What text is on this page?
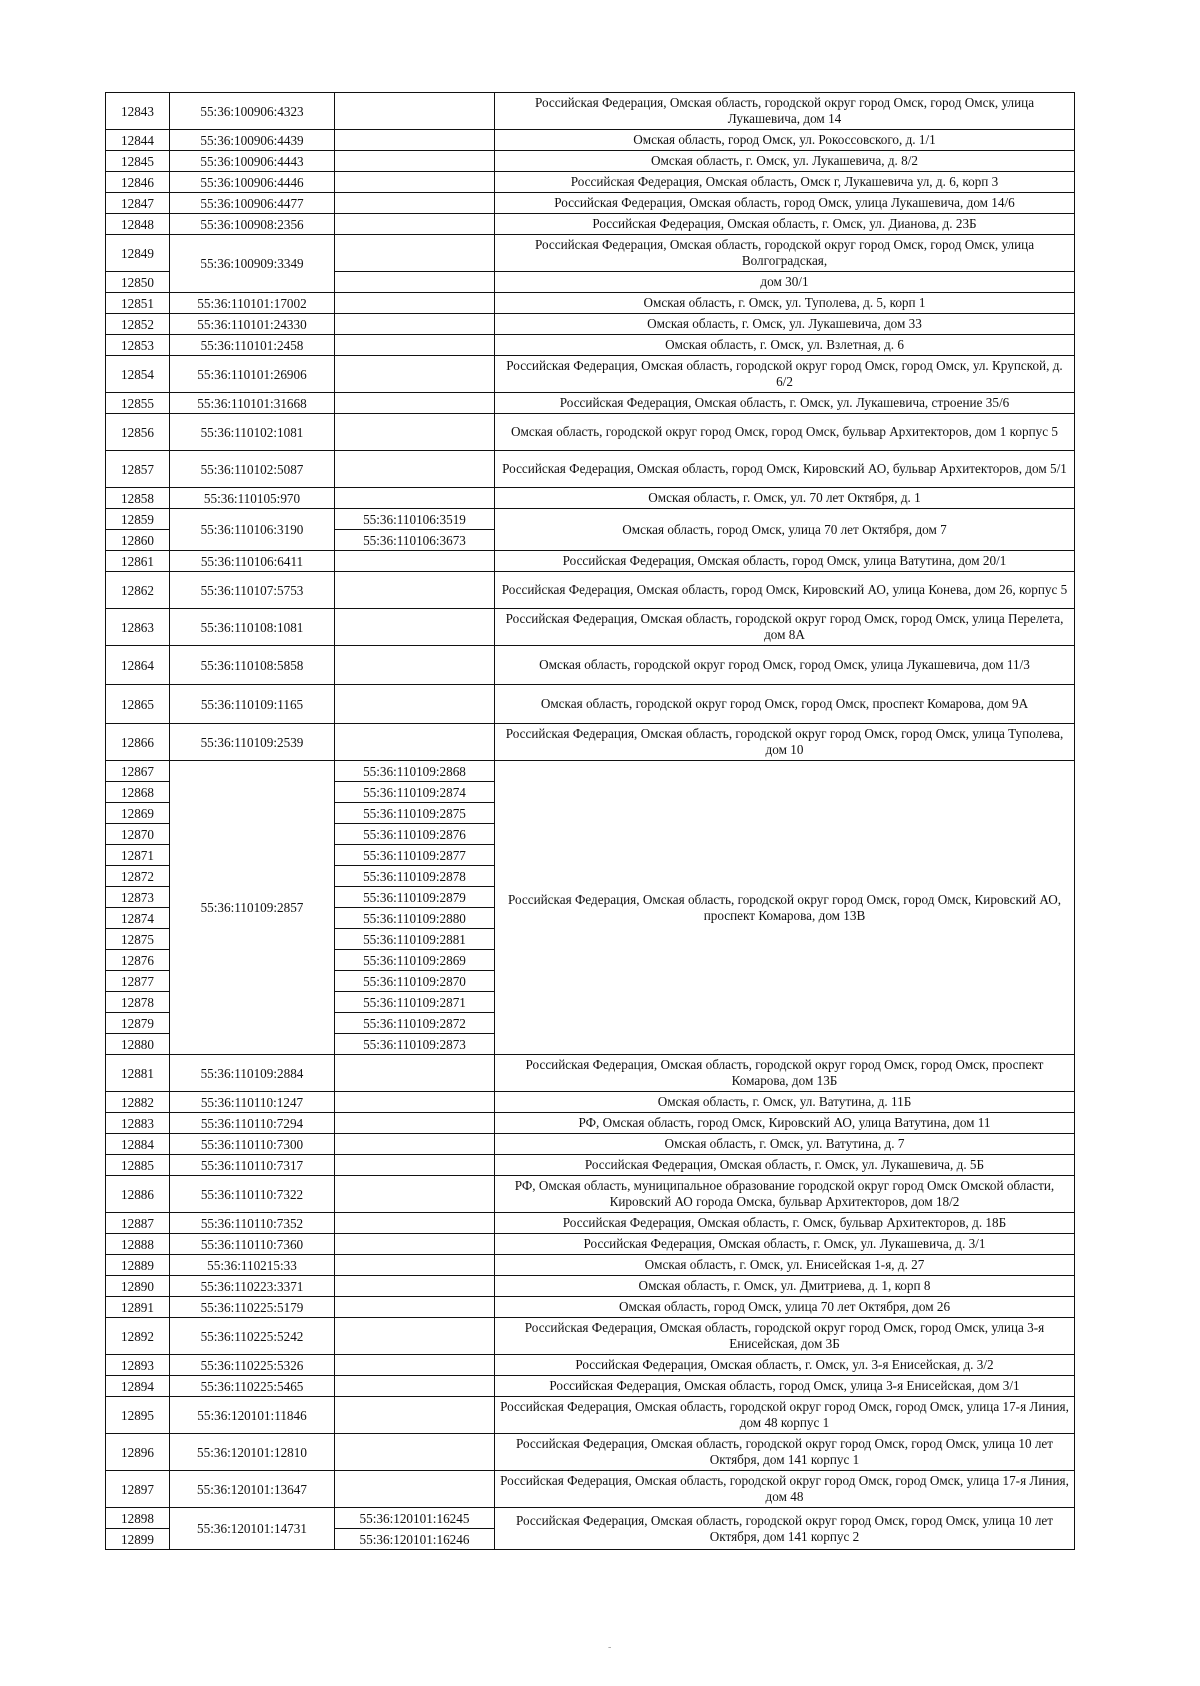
12843	55:36:100906:4323		Российская Федерация, Омская область, городской округ город Омск, город Омск, улица Лукашевича, дом 14
12844	55:36:100906:4439		Омская область, город Омск, ул. Рокоссовского, д. 1/1
12845	55:36:100906:4443		Омская область, г. Омск, ул. Лукашевича, д. 8/2
12846	55:36:100906:4446		Российская Федерация, Омская область, Омск г, Лукашевича ул, д. 6, корп 3
12847	55:36:100906:4477		Российская Федерация, Омская область, город Омск, улица Лукашевича, дом 14/6
12848	55:36:100908:2356		Российская Федерация, Омская область, г. Омск, ул. Дианова, д. 23Б
12849	55:36:100909:3349		Российская Федерация, Омская область, городской округ город Омск, город Омск, улица Волгоградская,
12850			дом 30/1
12851	55:36:110101:17002		Омская область, г. Омск, ул. Туполева, д. 5, корп 1
12852	55:36:110101:24330		Омская область, г. Омск, ул. Лукашевича, дом 33
12853	55:36:110101:2458		Омская область, г. Омск, ул. Взлетная, д. 6
12854	55:36:110101:26906		Российская Федерация, Омская область, городской округ город Омск, город Омск, ул. Крупской, д. 6/2
12855	55:36:110101:31668		Российская Федерация, Омская область, г. Омск, ул. Лукашевича, строение 35/6
12856	55:36:110102:1081		Омская область, городской округ город Омск, город Омск, бульвар Архитекторов, дом 1 корпус 5
12857	55:36:110102:5087		Российская Федерация, Омская область, город Омск, Кировский АО, бульвар Архитекторов, дом 5/1
12858	55:36:110105:970		Омская область, г. Омск, ул. 70 лет Октября, д. 1
12859	55:36:110106:3190	55:36:110106:3519	Омская область, город Омск, улица 70 лет Октября, дом 7
12860		55:36:110106:3673	
12861	55:36:110106:6411		Российская Федерация, Омская область, город Омск, улица Ватутина, дом 20/1
12862	55:36:110107:5753		Российская Федерация, Омская область, город Омск, Кировский АО, улица Конева, дом 26, корпус 5
12863	55:36:110108:1081		Российская Федерация, Омская область, городской округ город Омск, город Омск, улица Перелета, дом 8А
12864	55:36:110108:5858		Омская область, городской округ город Омск, город Омск, улица Лукашевича, дом 11/3
12865	55:36:110109:1165		Омская область, городской округ город Омск, город Омск, проспект Комарова, дом 9А
12866	55:36:110109:2539		Российская Федерация, Омская область, городской округ город Омск, город Омск, улица Туполева, дом 10
12867	55:36:110109:2857	55:36:110109:2868	Российская Федерация, Омская область, городской округ город Омск, город Омск, Кировский АО, проспект Комарова, дом 13В
12868		55:36:110109:2874	
12869		55:36:110109:2875	
12870		55:36:110109:2876	
12871		55:36:110109:2877	
12872		55:36:110109:2878	
12873		55:36:110109:2879	
12874		55:36:110109:2880	
12875		55:36:110109:2881	
12876		55:36:110109:2869	
12877		55:36:110109:2870	
12878		55:36:110109:2871	
12879		55:36:110109:2872	
12880		55:36:110109:2873	
12881	55:36:110109:2884		Российская Федерация, Омская область, городской округ город Омск, город Омск, проспект Комарова, дом 13Б
12882	55:36:110110:1247		Омская область, г. Омск, ул. Ватутина, д. 11Б
12883	55:36:110110:7294		РФ, Омская область, город Омск, Кировский АО, улица Ватутина, дом 11
12884	55:36:110110:7300		Омская область, г. Омск, ул. Ватутина, д. 7
12885	55:36:110110:7317		Российская Федерация, Омская область, г. Омск, ул. Лукашевича, д. 5Б
12886	55:36:110110:7322		РФ, Омская область, муниципальное образование городской округ город Омск Омской области, Кировский АО города Омска, бульвар Архитекторов, дом 18/2
12887	55:36:110110:7352		Российская Федерация, Омская область, г. Омск, бульвар Архитекторов, д. 18Б
12888	55:36:110110:7360		Российская Федерация, Омская область, г. Омск, ул. Лукашевича, д. 3/1
12889	55:36:110215:33		Омская область, г. Омск, ул. Енисейская 1-я, д. 27
12890	55:36:110223:3371		Омская область, г. Омск, ул. Дмитриева, д. 1, корп 8
12891	55:36:110225:5179		Омская область, город Омск, улица 70 лет Октября, дом 26
12892	55:36:110225:5242		Российская Федерация, Омская область, городской округ город Омск, город Омск, улица 3-я Енисейская, дом 3Б
12893	55:36:110225:5326		Российская Федерация, Омская область, г. Омск, ул. 3-я Енисейская, д. 3/2
12894	55:36:110225:5465		Российская Федерация, Омская область, город Омск, улица 3-я Енисейская, дом 3/1
12895	55:36:120101:11846		Российская Федерация, Омская область, городской округ город Омск, город Омск, улица 17-я Линия, дом 48 корпус 1
12896	55:36:120101:12810		Российская Федерация, Омская область, городской округ город Омск, город Омск, улица 10 лет Октября, дом 141 корпус 1
12897	55:36:120101:13647		Российская Федерация, Омская область, городской округ город Омск, город Омск, улица 17-я Линия, дом 48
12898	55:36:120101:14731	55:36:120101:16245	Российская Федерация, Омская область, городской округ город Омск, город Омск, улица 10 лет Октября, дом 141 корпус 2
12899		55:36:120101:16246	
-
